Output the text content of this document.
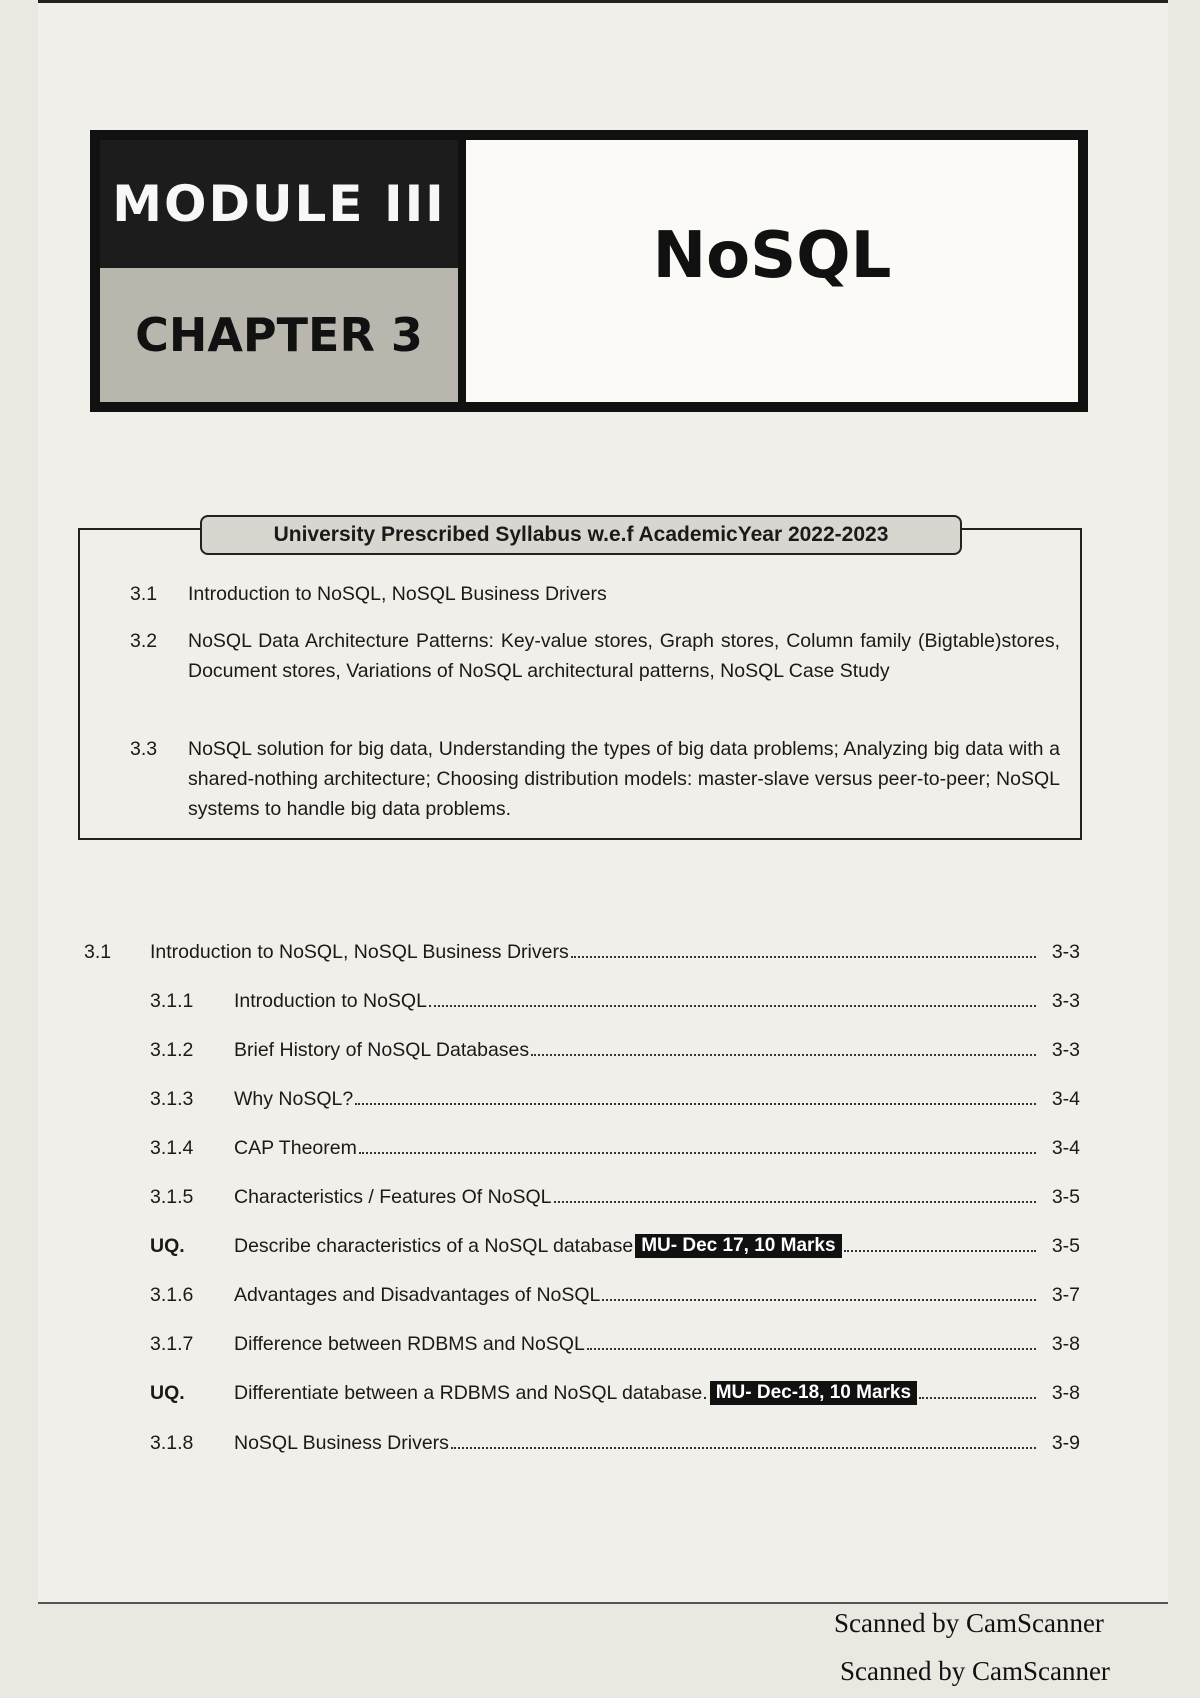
MODULE III
CHAPTER 3
NoSQL
University Prescribed Syllabus w.e.f AcademicYear 2022-2023
3.1	Introduction to NoSQL, NoSQL Business Drivers
3.2	NoSQL Data Architecture Patterns: Key-value stores, Graph stores, Column family (Bigtable)stores, Document stores, Variations of NoSQL architectural patterns, NoSQL Case Study
3.3	NoSQL solution for big data, Understanding the types of big data problems; Analyzing big data with a shared-nothing architecture; Choosing distribution models: master-slave versus peer-to-peer; NoSQL systems to handle big data problems.
3.1	Introduction to NoSQL, NoSQL Business Drivers	3-3
3.1.1	Introduction to NoSQL	3-3
3.1.2	Brief History of NoSQL Databases	3-3
3.1.3	Why NoSQL?	3-4
3.1.4	CAP Theorem	3-4
3.1.5	Characteristics / Features Of NoSQL	3-5
UQ.	Describe characteristics of a NoSQL database MU- Dec 17, 10 Marks	3-5
3.1.6	Advantages and Disadvantages of NoSQL	3-7
3.1.7	Difference between RDBMS and NoSQL	3-8
UQ.	Differentiate between a RDBMS and NoSQL database. MU- Dec-18, 10 Marks	3-8
3.1.8	NoSQL Business Drivers	3-9
Scanned by CamScanner
Scanned by CamScanner
